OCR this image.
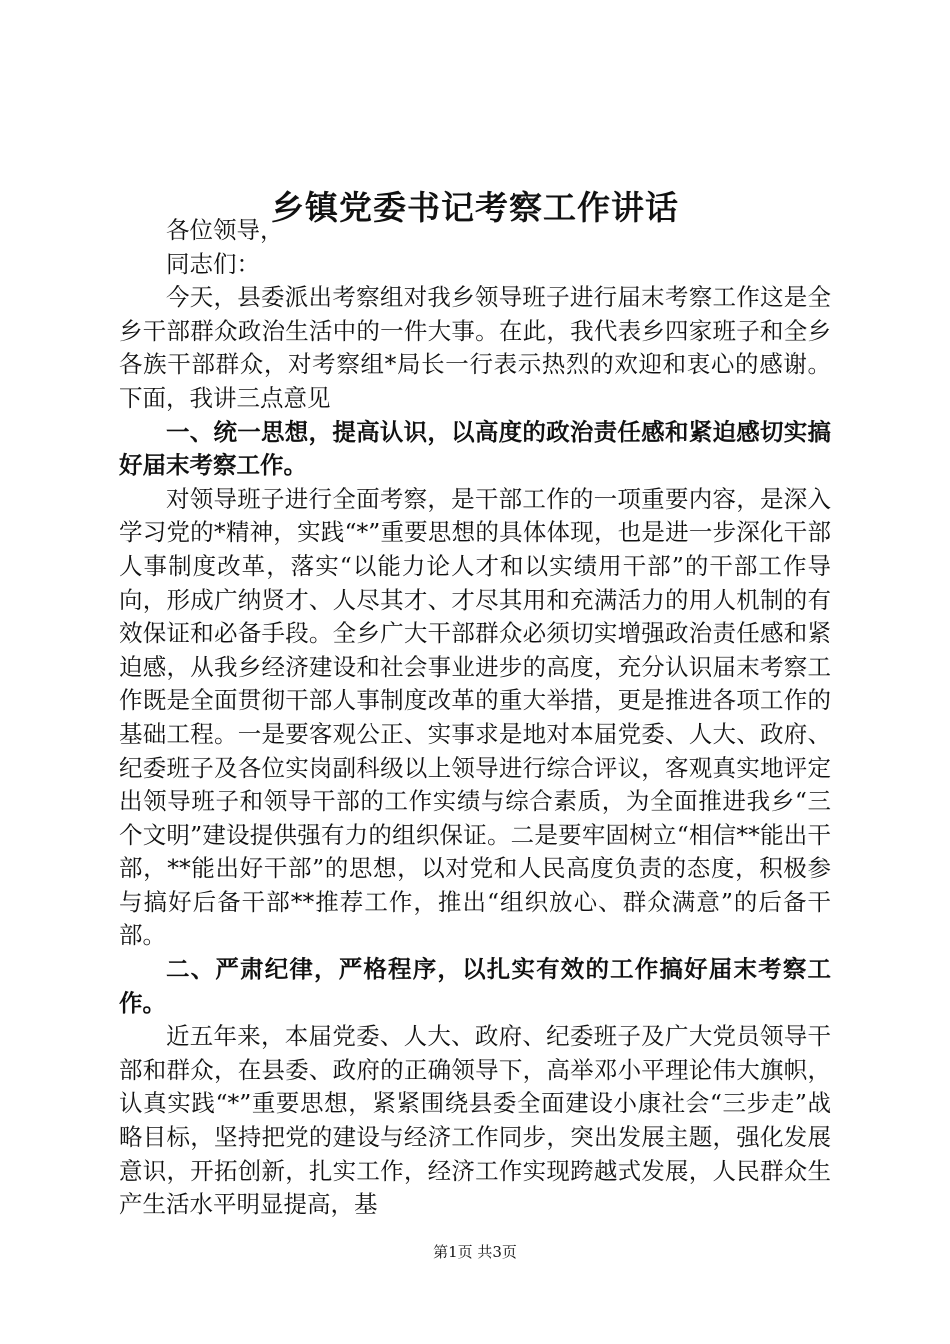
乡镇党委书记考察工作讲话

各位领导，

同志们：

今天，县委派出考察组对我乡领导班子进行届末考察工作这是全乡干部群众政治生活中的一件大事。在此，我代表乡四家班子和全乡各族干部群众，对考察组*局长一行表示热烈的欢迎和衷心的感谢。下面，我讲三点意见

一、统一思想，提高认识，以高度的政治责任感和紧迫感切实搞好届末考察工作。

对领导班子进行全面考察，是干部工作的一项重要内容，是深入学习党的*精神，实践“*”重要思想的具体体现，也是进一步深化干部人事制度改革，落实“以能力论人才和以实绩用干部”的干部工作导向，形成广纳贤才、人尽其才、才尽其用和充满活力的用人机制的有效保证和必备手段。全乡广大干部群众必须切实增强政治责任感和紧迫感，从我乡经济建设和社会事业进步的高度，充分认识届末考察工作既是全面贯彻干部人事制度改革的重大举措，更是推进各项工作的基础工程。一是要客观公正、实事求是地对本届党委、人大、政府、纪委班子及各位实岗副科级以上领导进行综合评议，客观真实地评定出领导班子和领导干部的工作实绩与综合素质，为全面推进我乡“三个文明”建设提供强有力的组织保证。二是要牢固树立“相信**能出干部，**能出好干部”的思想，以对党和人民高度负责的态度，积极参与搞好后备干部**推荐工作，推出“组织放心、群众满意”的后备干部。

二、严肃纪律，严格程序，以扎实有效的工作搞好届末考察工作。

近五年来，本届党委、人大、政府、纪委班子及广大党员领导干部和群众，在县委、政府的正确领导下，高举邓小平理论伟大旗帜，认真实践“*”重要思想，紧紧围绕县委全面建设小康社会“三步走”战略目标，坚持把党的建设与经济工作同步，突出发展主题，强化发展意识，开拓创新，扎实工作，经济工作实现跨越式发展，人民群众生产生活水平明显提高，基

第1页 共3页
